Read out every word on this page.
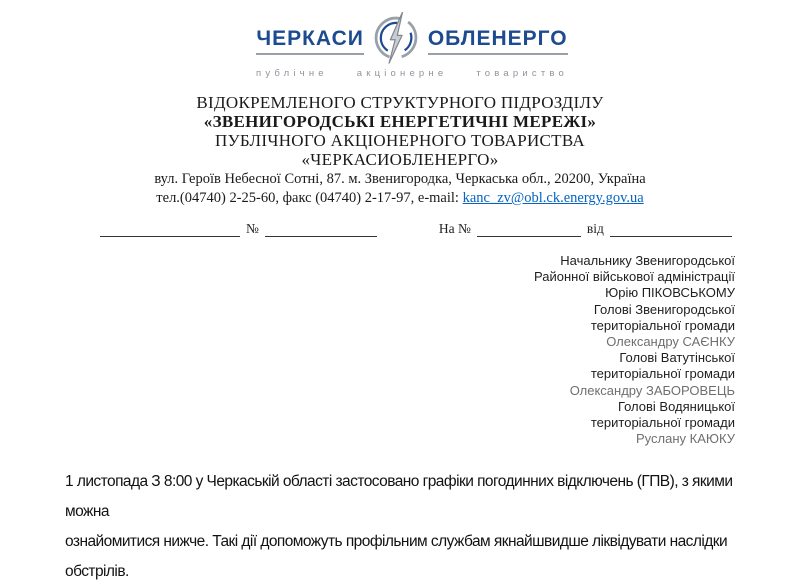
ЧЕРКАСИ	ОБЛЕНЕРГО
публічне акціонерне товариство
ВІДОКРЕМЛЕНОГО СТРУКТУРНОГО ПІДРОЗДІЛУ
«ЗВЕНИГОРОДСЬКІ ЕНЕРГЕТИЧНІ МЕРЕЖІ»
ПУБЛІЧНОГО АКЦІОНЕРНОГО ТОВАРИСТВА
«ЧЕРКАСИОБЛЕНЕРГО»
вул. Героїв Небесної Сотні, 87. м. Звенигородка, Черкаська обл., 20200, Україна
тел.(04740) 2-25-60, факс (04740) 2-17-97, e-mail: kanc_zv@obl.ck.energy.gov.ua
№	На №	від
Начальнику Звенигородської
Районної військової адміністрації
Юрію ПІКОВСЬКОМУ
Голові Звенигородської
територіальної громади
Олександру САЄНКУ
Голові Ватутінської
територіальної громади
Олександру ЗАБОРОВЕЦЬ
Голові Водяницької
територіальної громади
Руслану КАЮКУ
1 листопада З 8:00 у Черкаській області застосовано графіки погодинних відключень (ГПВ), з якими можна
ознайомитися нижче. Такі дії допоможуть профільним службам якнайшвидше ліквідувати наслідки
обстрілів.
